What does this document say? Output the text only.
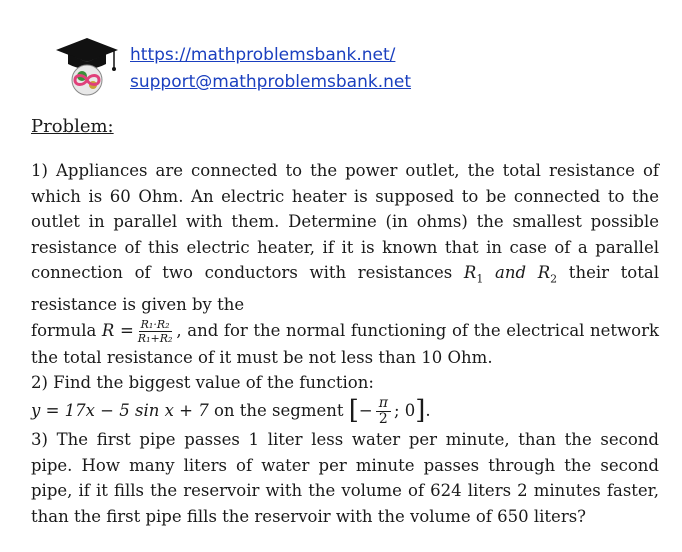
https://mathproblemsbank.net/
support@mathproblemsbank.net
Problem:

1) Appliances are connected to the power outlet, the total resistance of which is 60 Ohm. An electric heater is supposed to be connected to the outlet in parallel with them. Determine (in ohms) the smallest possible resistance of this electric heater, if it is known that in case of a parallel connection of two conductors with resistances $R_1$ and $R_2$ their total resistance is given by the

formula $R = \frac{\text{R₁·R₂}}{\text{R₁+R₂}}$ , and for the normal functioning of the electrical network the total resistance of it must be not less than 10 Ohm.

2) Find the biggest value of the function:

y = 17x − 5 sin x + 7 on the segment [− $\frac{\pi}{2}$ ; 0].

3) The first pipe passes 1 liter less water per minute, than the second pipe. How many liters of water per minute passes through the second pipe, if it fills the reservoir with the volume of 624 liters 2 minutes faster, than the first pipe fills the reservoir with the volume of 650 liters?
